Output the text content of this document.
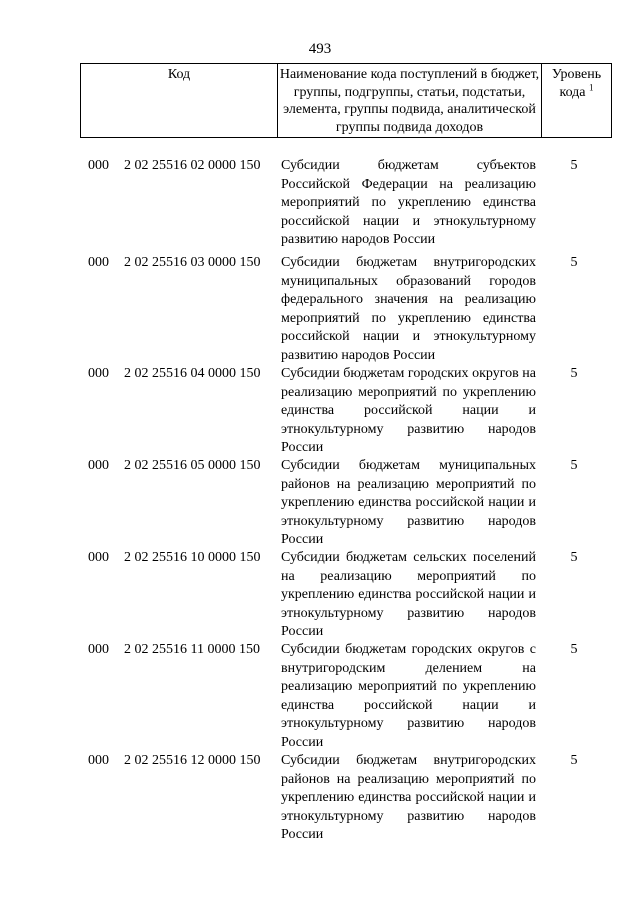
493
Код	Наименование кода поступлений в бюджет, группы, подгруппы, статьи, подстатьи, элемента, группы подвида, аналитической группы подвида доходов
Уровень кода $^1$
000 2 02 25516 02 0000 150 Субсидии бюджетам субъектов Российской Федерации на реализацию мероприятий по укреплению единства российской нации и этнокультурному развитию народов России
5
000 2 02 25516 03 0000 150 Субсидии бюджетам внутригородских муниципальных образований городов федерального значения на реализацию мероприятий по укреплению единства российской нации и этнокультурному развитию народов России
5
000 2 02 25516 04 0000 150 Субсидии бюджетам городских округов на реализацию мероприятий по укреплению единства российской нации и этнокультурному развитию народов России
5
000 2 02 25516 05 0000 150 Субсидии бюджетам муниципальных районов на реализацию мероприятий по укреплению единства российской нации и этнокультурному развитию народов России
5
000 2 02 25516 10 0000 150 Субсидии бюджетам сельских поселений на реализацию мероприятий по укреплению единства российской нации и этнокультурному развитию народов России
5
000 2 02 25516 11 0000 150 Субсидии бюджетам городских округов с внутригородским делением на реализацию мероприятий по укреплению единства российской нации и этнокультурному развитию народов России
5
000 2 02 25516 12 0000 150 Субсидии бюджетам внутригородских районов на реализацию мероприятий по укреплению единства российской нации и этнокультурному развитию народов России
5
